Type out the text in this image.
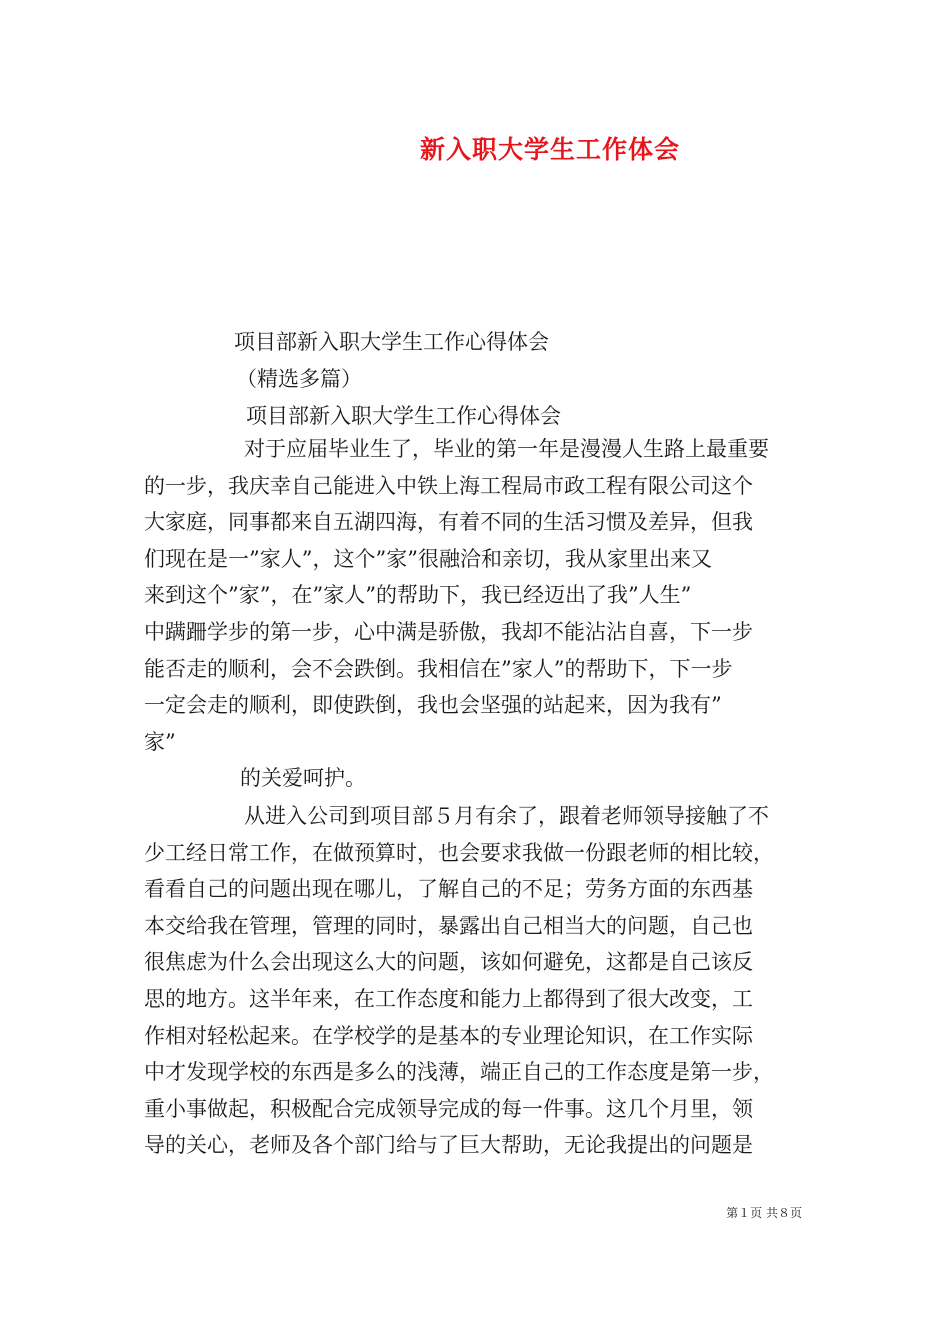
新入职大学生工作体会
项目部新入职大学生工作心得体会
（精选多篇）
项目部新入职大学生工作心得体会
对于应届毕业生了，毕业的第一年是漫漫人生路上最重要
的一步，我庆幸自己能进入中铁上海工程局市政工程有限公司这个
大家庭，同事都来自五湖四海，有着不同的生活习惯及差异，但我
们现在是一”家人”，这个”家”很融洽和亲切，我从家里出来又
来到这个”家”，在”家人”的帮助下，我已经迈出了我”人生”
中蹒跚学步的第一步，心中满是骄傲，我却不能沾沾自喜，下一步
能否走的顺利，会不会跌倒。我相信在”家人”的帮助下，下一步
一定会走的顺利，即使跌倒，我也会坚强的站起来，因为我有”
家”
的关爱呵护。
从进入公司到项目部５月有余了，跟着老师领导接触了不
少工经日常工作，在做预算时，也会要求我做一份跟老师的相比较，
看看自己的问题出现在哪儿，了解自己的不足；劳务方面的东西基
本交给我在管理，管理的同时，暴露出自己相当大的问题，自己也
很焦虑为什么会出现这么大的问题，该如何避免，这都是自己该反
思的地方。这半年来，在工作态度和能力上都得到了很大改变，工
作相对轻松起来。在学校学的是基本的专业理论知识，在工作实际
中才发现学校的东西是多么的浅薄，端正自己的工作态度是第一步，
重小事做起，积极配合完成领导完成的每一件事。这几个月里，领
导的关心，老师及各个部门给与了巨大帮助，无论我提出的问题是
第１页 共８页
